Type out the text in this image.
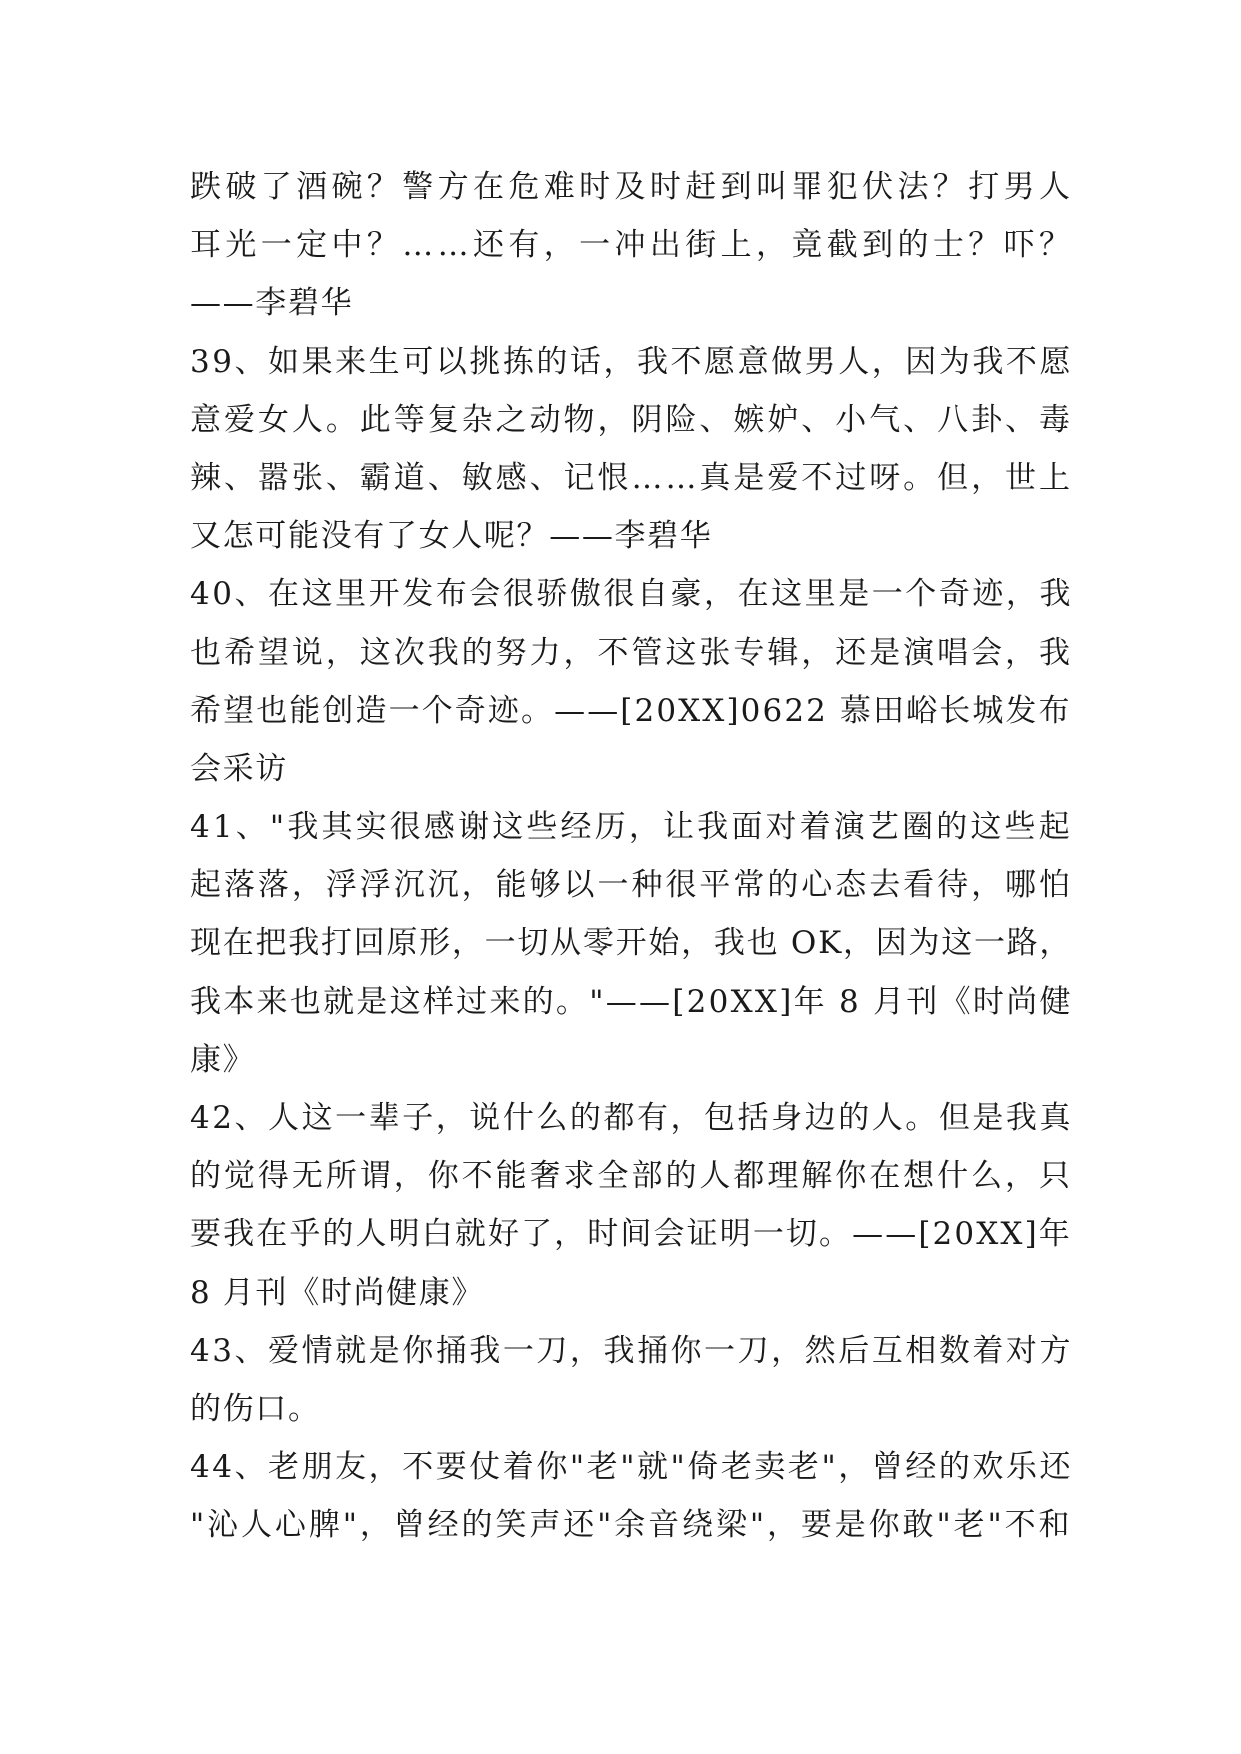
跌破了酒碗？警方在危难时及时赶到叫罪犯伏法？打男人
耳光一定中？……还有，一冲出街上，竟截到的士？吓？
——李碧华
39、如果来生可以挑拣的话，我不愿意做男人，因为我不愿
意爱女人。此等复杂之动物，阴险、嫉妒、小气、八卦、毒
辣、嚣张、霸道、敏感、记恨……真是爱不过呀。但，世上
又怎可能没有了女人呢？——李碧华
40、在这里开发布会很骄傲很自豪，在这里是一个奇迹，我
也希望说，这次我的努力，不管这张专辑，还是演唱会，我
希望也能创造一个奇迹。——[20XX]0622 慕田峪长城发布
会采访
41、"我其实很感谢这些经历，让我面对着演艺圈的这些起
起落落，浮浮沉沉，能够以一种很平常的心态去看待，哪怕
现在把我打回原形，一切从零开始，我也 OK，因为这一路，
我本来也就是这样过来的。"——[20XX]年 8 月刊《时尚健
康》
42、人这一辈子，说什么的都有，包括身边的人。但是我真
的觉得无所谓，你不能奢求全部的人都理解你在想什么，只
要我在乎的人明白就好了，时间会证明一切。——[20XX]年
8 月刊《时尚健康》
43、爱情就是你捅我一刀，我捅你一刀，然后互相数着对方
的伤口。
44、老朋友，不要仗着你"老"就"倚老卖老"，曾经的欢乐还
"沁人心脾"，曾经的笑声还"余音绕梁"，要是你敢"老"不和
